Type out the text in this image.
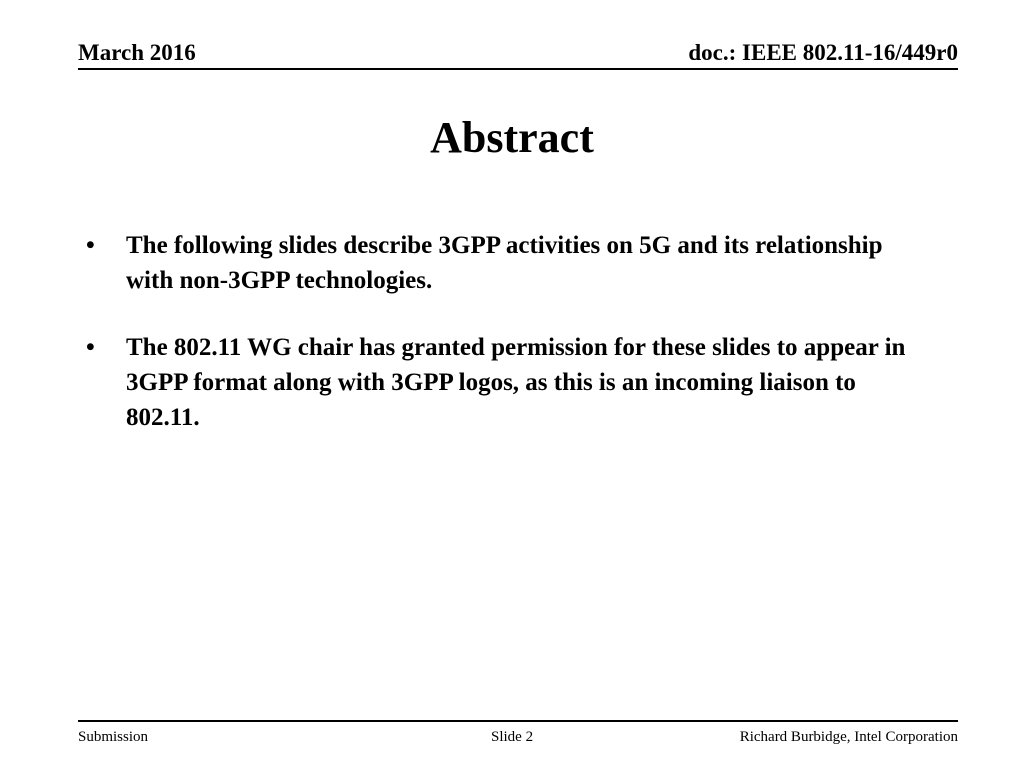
March 2016	doc.: IEEE 802.11-16/449r0
Abstract
•	The following slides describe 3GPP activities on 5G and its relationship with non-3GPP technologies.
•	The 802.11 WG chair has granted permission for these slides to appear in 3GPP format along with 3GPP logos, as this is an incoming liaison to 802.11.
Submission	Slide 2	Richard Burbidge, Intel Corporation
